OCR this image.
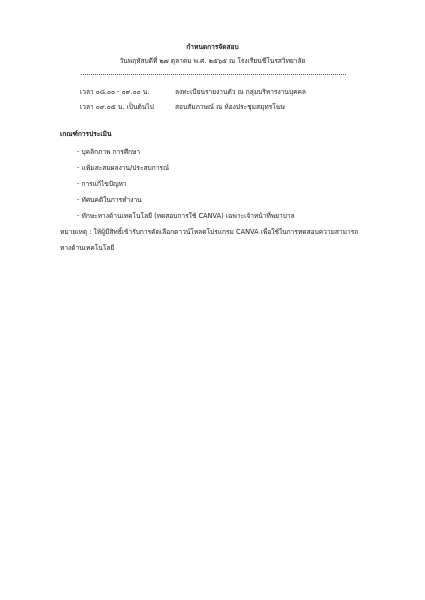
กำหนดการจัดสอบ
วันพฤหัสบดีที่ ๒๗ ตุลาคม พ.ศ. ๒๕๖๕ ณ โรงเรียนชีโนรสวิทยาลัย
เวลา ๐๘.๐๐ - ๐๙.๐๐ น.	ลงทะเบียนรายงานตัว ณ กลุ่มบริหารงานบุคคล
เวลา ๐๙.๐๕ น. เป็นต้นไป	สอบสัมภาษณ์ ณ ห้องประชุมสมุทรโฆษ
เกณฑ์การประเมิน
- บุคลิกภาพ การศึกษา
- แฟ้มสะสมผลงาน/ประสบการณ์
- การแก้ไขปัญหา
- ทัศนคติในการทำงาน
- ทักษะทางด้านเทคโนโลยี (ทดสอบการใช้ CANVA) เฉพาะเจ้าหน้าที่พยาบาล
หมายเหตุ : ให้ผู้มีสิทธิ์เข้ารับการคัดเลือกดาวน์โหลดโปรแกรม CANVA เพื่อใช้ในการทดสอบความสามารถ
ทางด้านเทคโนโลยี
